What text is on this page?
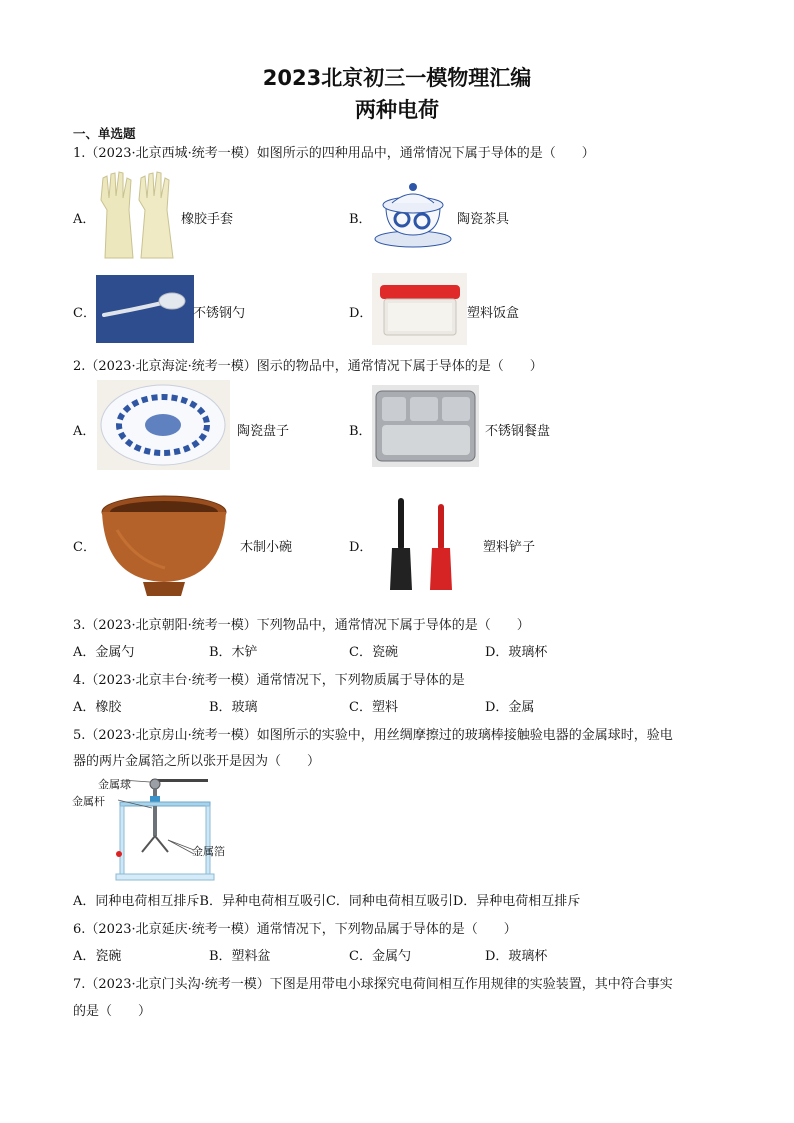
2023北京初三一模物理汇编
两种电荷
一、单选题
1.（2023·北京西城·统考一模）如图所示的四种用品中，通常情况下属于导体的是（　　）
A．	橡胶手套	B．	陶瓷茶具
C．	不锈钢勺	D．	塑料饭盒
2.（2023·北京海淀·统考一模）图示的物品中，通常情况下属于导体的是（　　）
A．	陶瓷盘子	B．	不锈钢餐盘
C．	木制小碗	D．	塑料铲子
3.（2023·北京朝阳·统考一模）下列物品中，通常情况下属于导体的是（　　）
A．金属勺	B．木铲	C．瓷碗	D．玻璃杯
4.（2023·北京丰台·统考一模）通常情况下，下列物质属于导体的是
A．橡胶	B．玻璃	C．塑料	D．金属
5.（2023·北京房山·统考一模）如图所示的实验中，用丝绸摩擦过的玻璃棒接触验电器的金属球时，验电
器的两片金属箔之所以张开是因为（　　）
金属球
金属杆
金属箔
A．同种电荷相互排斥B．异种电荷相互吸引C．同种电荷相互吸引D．异种电荷相互排斥
6.（2023·北京延庆·统考一模）通常情况下，下列物品属于导体的是（　　）
A．瓷碗	B．塑料盆	C．金属勺	D．玻璃杯
7.（2023·北京门头沟·统考一模）下图是用带电小球探究电荷间相互作用规律的实验装置，其中符合事实
的是（　　）
